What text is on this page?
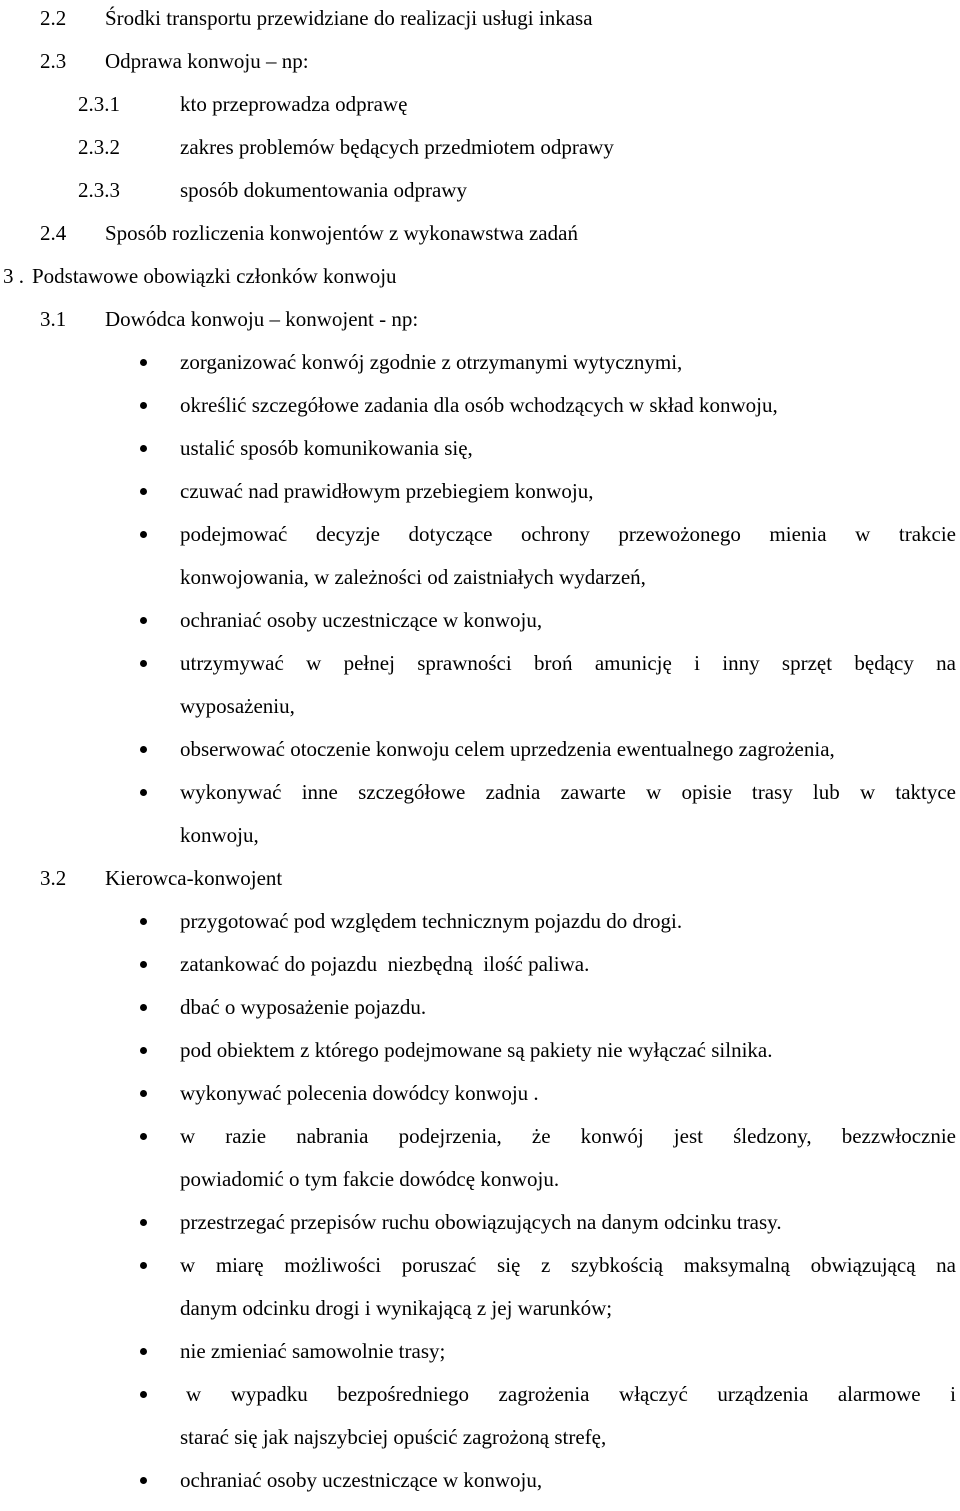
2.2 Środki transportu przewidziane do realizacji usługi inkasa
2.3 Odprawa konwoju – np:
2.3.1	kto przeprowadza odprawę
2.3.2	zakres problemów będących przedmiotem odprawy
2.3.3	sposób dokumentowania odprawy
2.4 Sposób rozliczenia konwojentów z wykonawstwa zadań
3 . Podstawowe obowiązki członków konwoju
3.1 Dowódca konwoju – konwojent - np:
zorganizować konwój zgodnie z otrzymanymi wytycznymi,
określić szczegółowe zadania dla osób wchodzących w skład konwoju,
ustalić sposób komunikowania się,
czuwać nad prawidłowym przebiegiem konwoju,
podejmować decyzje dotyczące ochrony przewożonego mienia w trakcie
konwojowania, w zależności od zaistniałych wydarzeń,
ochraniać osoby uczestniczące w konwoju,
utrzymywać w pełnej sprawności broń amunicję i inny sprzęt będący na
wyposażeniu,
obserwować otoczenie konwoju celem uprzedzenia ewentualnego zagrożenia,
wykonywać inne szczegółowe zadnia zawarte w opisie trasy lub w taktyce
konwoju,
3.2 Kierowca-konwojent
przygotować pod względem technicznym pojazdu do drogi.
zatankować do pojazdu  niezbędną  ilość paliwa.
dbać o wyposażenie pojazdu.
pod obiektem z którego podejmowane są pakiety nie wyłączać silnika.
wykonywać polecenia dowódcy konwoju .
w razie nabrania podejrzenia, że konwój jest śledzony, bezzwłocznie
powiadomić o tym fakcie dowódcę konwoju.
przestrzegać przepisów ruchu obowiązujących na danym odcinku trasy.
w miarę możliwości poruszać się z szybkością maksymalną obwiązującą na
danym odcinku drogi i wynikającą z jej warunków;
nie zmieniać samowolnie trasy;
w wypadku bezpośredniego zagrożenia włączyć urządzenia alarmowe i
starać się jak najszybciej opuścić zagrożoną strefę,
ochraniać osoby uczestniczące w konwoju,
